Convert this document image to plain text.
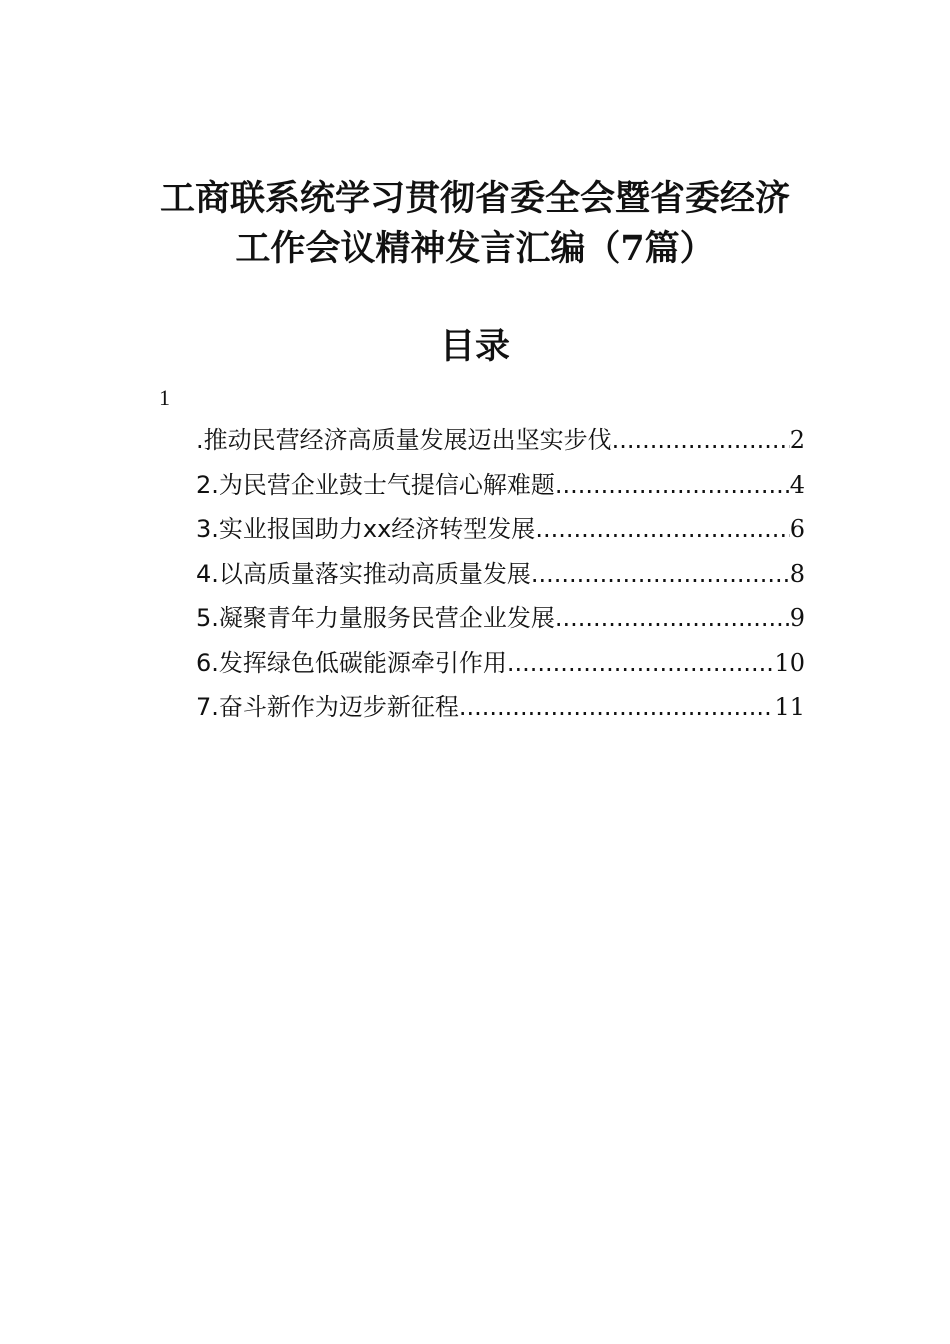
工商联系统学习贯彻省委全会暨省委经济
工作会议精神发言汇编（7篇）
目录
1
.推动民营经济高质量发展迈出坚实步伐 .....	2
2.为民营企业鼓士气提信心解难题 .....	4
3.实业报国助力xx经济转型发展 .....	6
4.以高质量落实推动高质量发展 .....	8
5.凝聚青年力量服务民营企业发展 .....	9
6.发挥绿色低碳能源牵引作用 .....	10
7.奋斗新作为迈步新征程 .....	11
